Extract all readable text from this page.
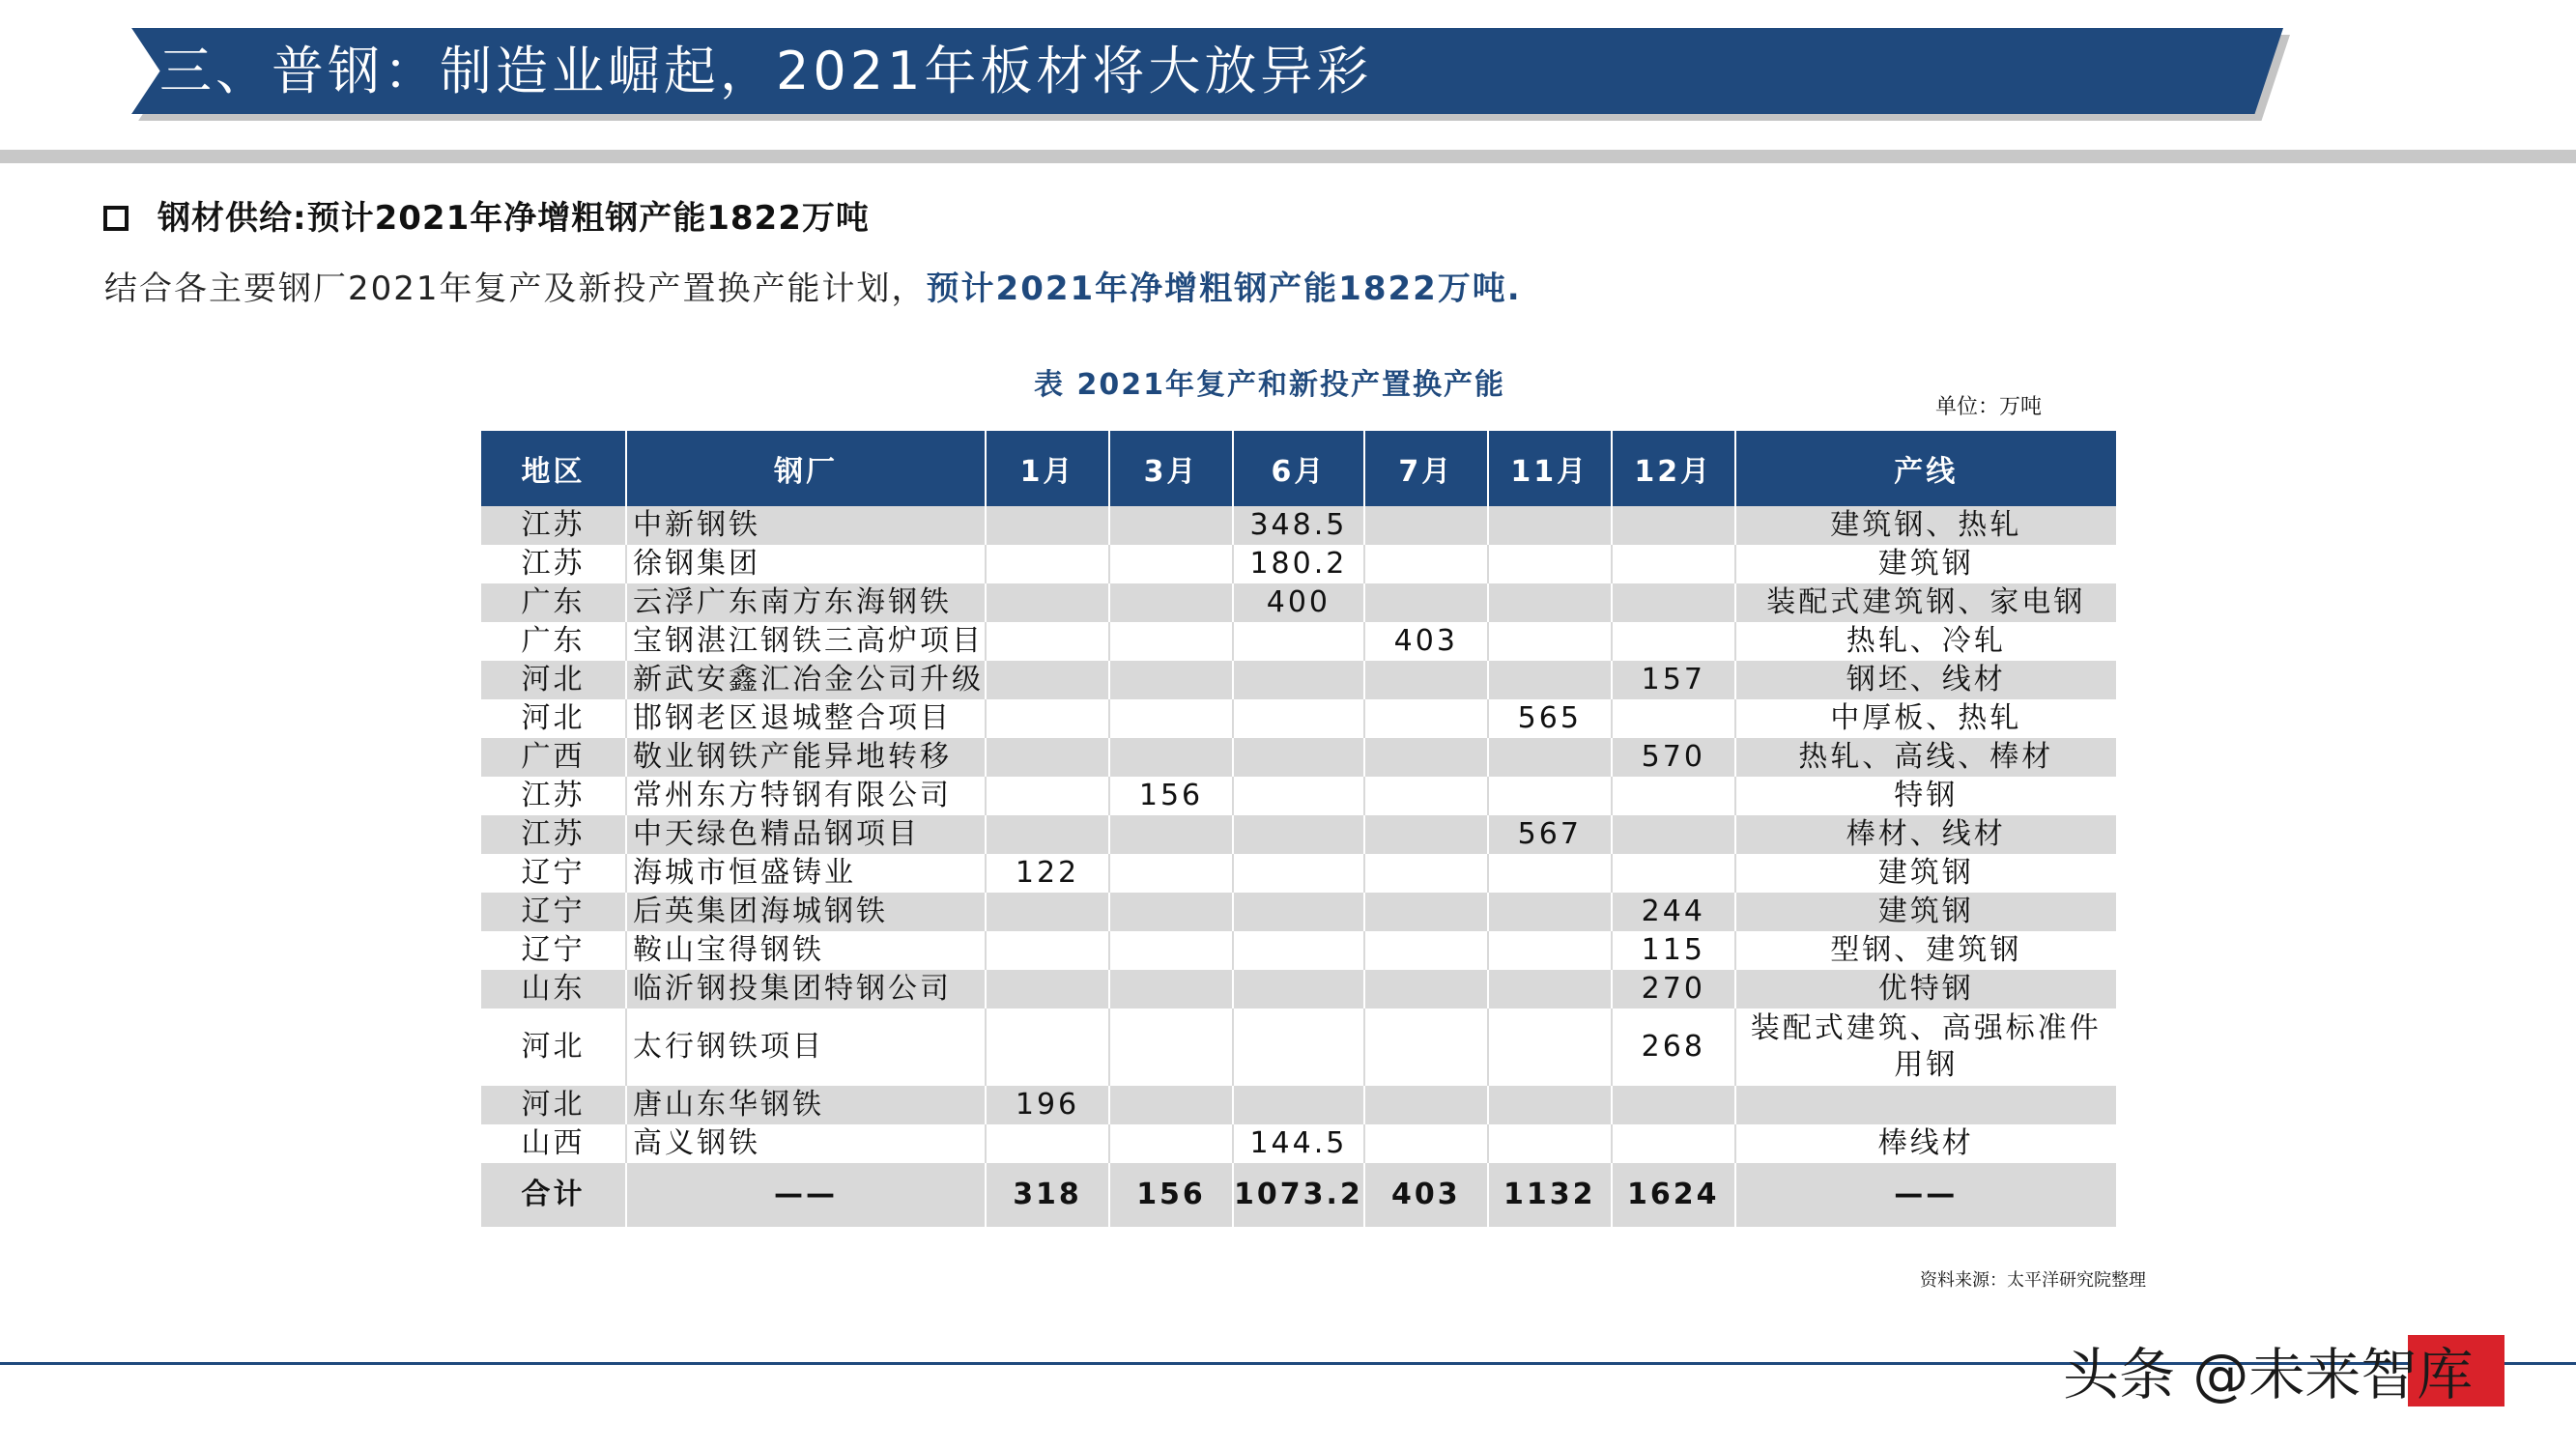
三、普钢：制造业崛起，2021年板材将大放异彩
钢材供给:预计2021年净增粗钢产能1822万吨
结合各主要钢厂2021年复产及新投产置换产能计划，预计2021年净增粗钢产能1822万吨.
表 2021年复产和新投产置换产能
单位：万吨
地区	钢厂	1月	3月	6月	7月	11月	12月	产线
江苏	中新钢铁			348.5				建筑钢、热轧
江苏	徐钢集团			180.2				建筑钢
广东	云浮广东南方东海钢铁			400				装配式建筑钢、家电钢
广东	宝钢湛江钢铁三高炉项目				403			热轧、冷轧
河北	新武安鑫汇冶金公司升级						157	钢坯、线材
河北	邯钢老区退城整合项目					565		中厚板、热轧
广西	敬业钢铁产能异地转移						570	热轧、高线、棒材
江苏	常州东方特钢有限公司		156					特钢
江苏	中天绿色精品钢项目					567		棒材、线材
辽宁	海城市恒盛铸业	122						建筑钢
辽宁	后英集团海城钢铁						244	建筑钢
辽宁	鞍山宝得钢铁						115	型钢、建筑钢
山东	临沂钢投集团特钢公司						270	优特钢
河北	太行钢铁项目						268	装配式建筑、高强标准件用钢
河北	唐山东华钢铁	196						
山西	高义钢铁			144.5				棒线材
合计	——	318	156	1073.2	403	1132	1624	——
资料来源：太平洋研究院整理
头条 @未来智库
